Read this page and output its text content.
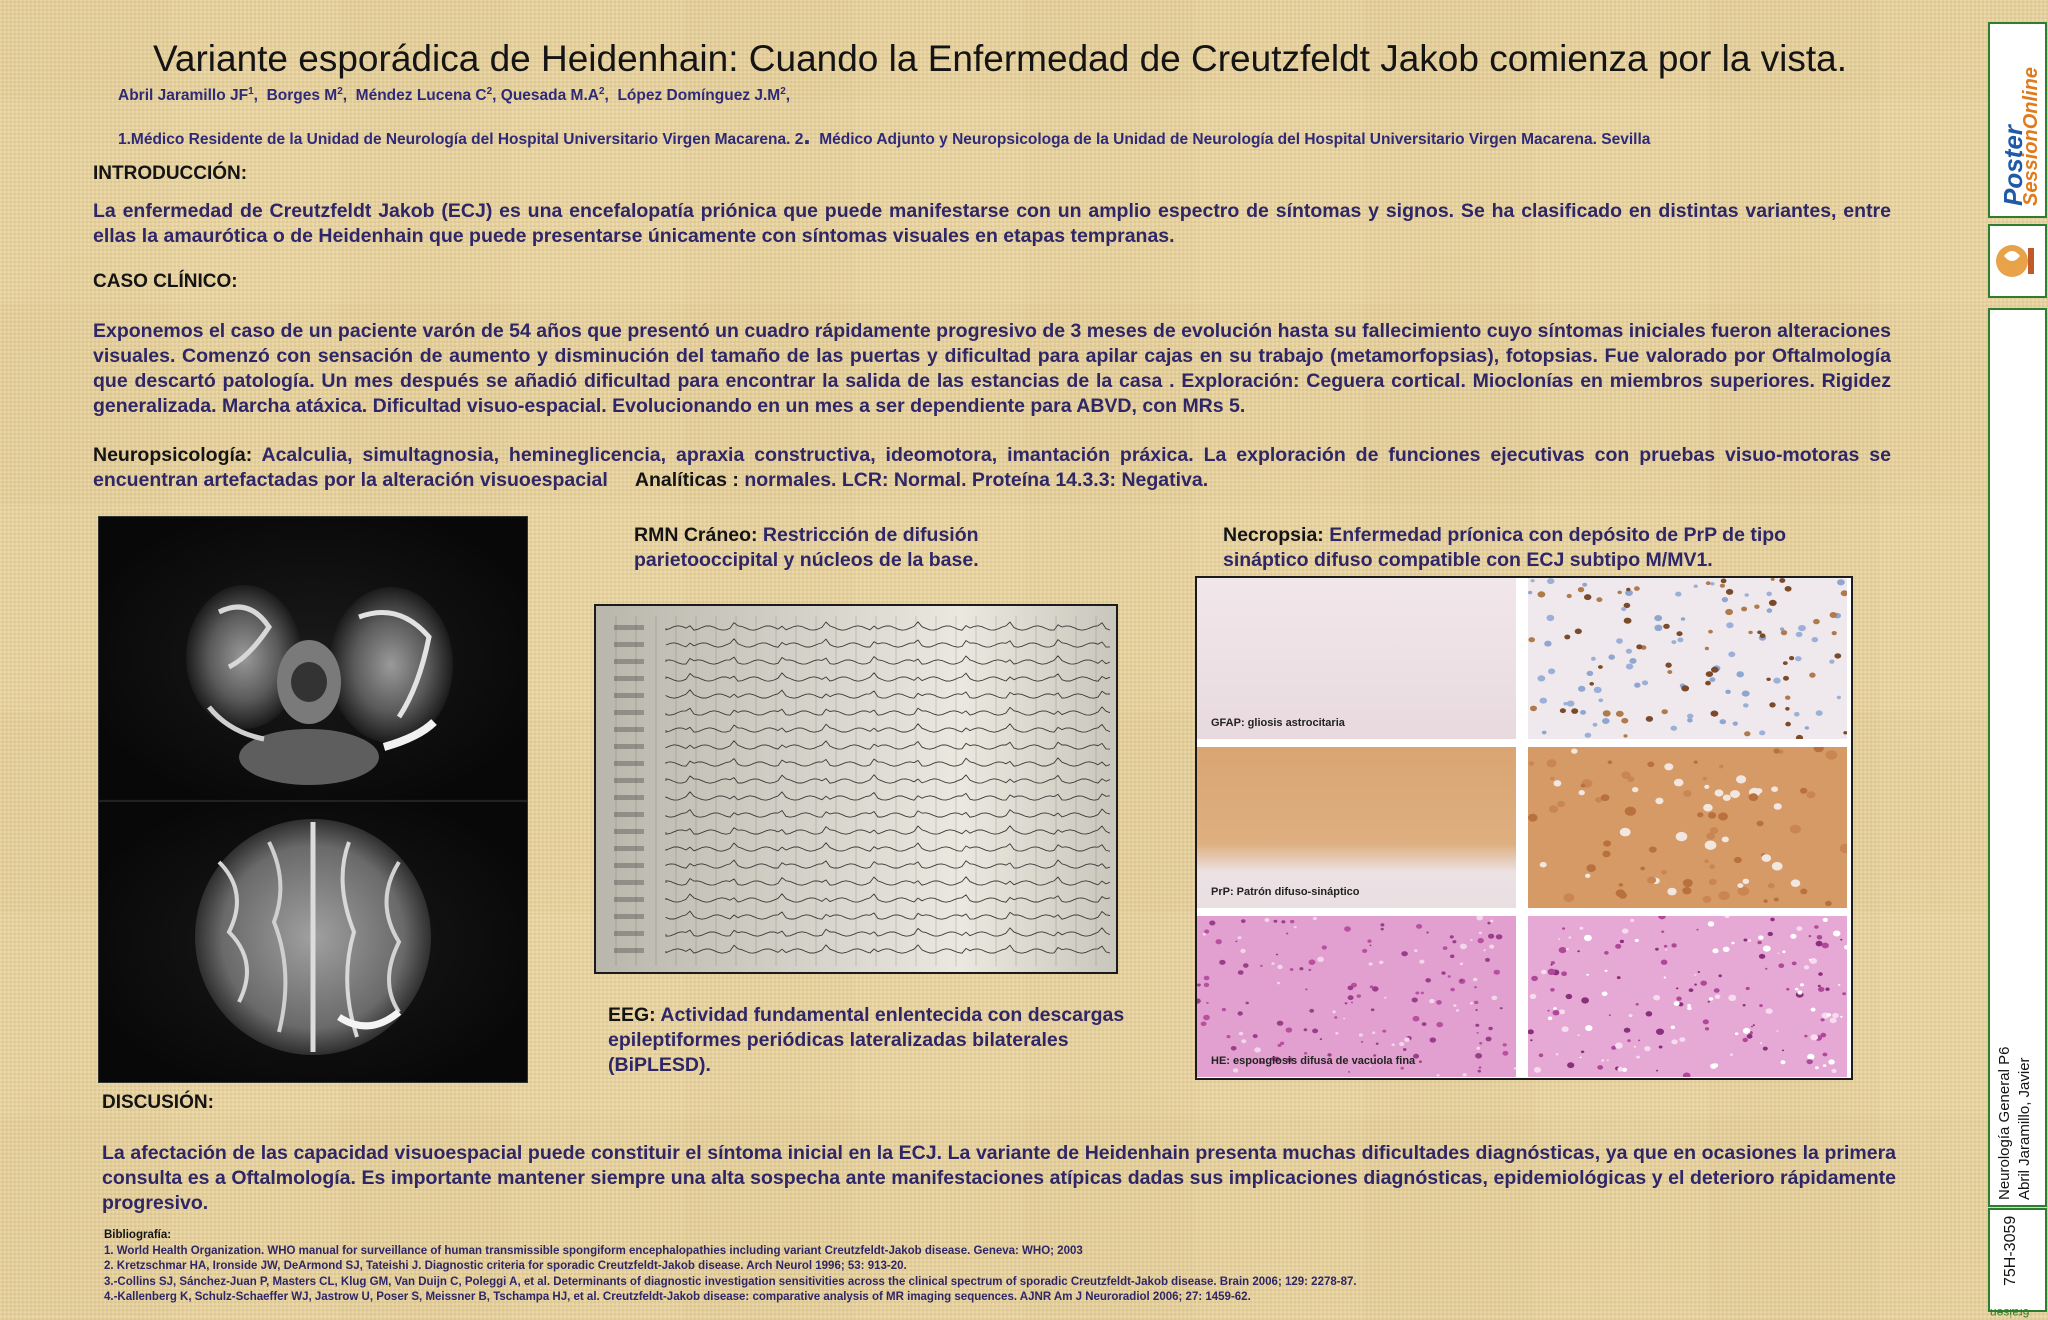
Variante esporádica de Heidenhain: Cuando la Enfermedad de Creutzfeldt Jakob comienza por la vista.
Abril Jaramillo $JF^1$,  Borges $M^2$,  Méndez Lucena $C^2$, Quesada $M.A^2$,  López Domínguez $J.M^2$,
1.Médico Residente de la Unidad de Neurología del Hospital Universitario Virgen Macarena. 2. Médico Adjunto y Neuropsicologa de la Unidad de Neurología del Hospital Universitario Virgen Macarena. Sevilla
INTRODUCCIÓN:
La enfermedad de Creutzfeldt Jakob (ECJ) es una encefalopatía priónica que puede manifestarse con un amplio espectro de síntomas y signos. Se ha clasificado en distintas variantes, entre ellas la amaurótica o de Heidenhain que puede presentarse únicamente con síntomas visuales en etapas tempranas.
CASO CLÍNICO:
Exponemos el caso de un paciente varón de 54 años que presentó un cuadro rápidamente progresivo de 3 meses de evolución hasta su fallecimiento cuyo síntomas iniciales fueron alteraciones visuales. Comenzó con sensación de aumento y disminución del tamaño de las puertas y dificultad para apilar cajas en su trabajo (metamorfopsias), fotopsias. Fue valorado por Oftalmología que descartó patología. Un mes después se añadió dificultad para encontrar la salida de las estancias de la casa . Exploración: Ceguera cortical. Mioclonías en miembros superiores. Rigidez generalizada. Marcha atáxica. Dificultad visuo-espacial. Evolucionando en un mes a ser dependiente para ABVD, con MRs 5.
Neuropsicología: Acalculia, simultagnosia, hemineglicencia, apraxia constructiva, ideomotora, imantación práxica. La exploración de funciones ejecutivas con pruebas visuo-motoras se encuentran artefactadas por la alteración visuoespacial     Analíticas : normales. LCR: Normal. Proteína 14.3.3: Negativa.
RMN Cráneo: Restricción de difusión parietooccipital y núcleos de la base.
EEG: Actividad fundamental enlentecida con descargas epileptiformes periódicas lateralizadas bilaterales (BiPLESD).
Necropsia: Enfermedad príonica con depósito de PrP de tipo sináptico difuso compatible con ECJ subtipo M/MV1.
GFAP: gliosis astrocitaria
PrP: Patrón difuso-sináptico
HE: espongiosis difusa de vacuola fina
DISCUSIÓN:
La afectación de las capacidad visuoespacial puede constituir el síntoma inicial en la ECJ. La variante de Heidenhain presenta muchas dificultades diagnósticas, ya que en ocasiones la primera consulta es a Oftalmología. Es importante mantener siempre una alta sospecha ante manifestaciones atípicas dadas sus implicaciones diagnósticas, epidemiológicas y el deterioro rápidamente progresivo.
Bibliografía:
1. World Health Organization. WHO manual for surveillance of human transmissible spongiform encephalopathies including variant Creutzfeldt-Jakob disease. Geneva: WHO; 2003
2. Kretzschmar HA, Ironside JW, DeArmond SJ, Tateishi J. Diagnostic criteria for sporadic Creutzfeldt-Jakob disease. Arch Neurol 1996; 53: 913-20.
3.-Collins SJ, Sánchez-Juan P, Masters CL, Klug GM, Van Duijn C, Poleggi A, et al. Determinants of diagnostic investigation sensitivities across the clinical spectrum of sporadic Creutzfeldt-Jakob disease. Brain 2006; 129: 2278-87.
4.-Kallenberg K, Schulz-Schaeffer WJ, Jastrow U, Poser S, Meissner B, Tschampa HJ, et al. Creutzfeldt-Jakob disease: comparative analysis of MR imaging sequences. AJNR Am J Neuroradiol 2006; 27: 1459-62.
Poster
SessionOnline
Neurología General P6 Abril Jaramillo, Javier
75H-3059
6raisen
